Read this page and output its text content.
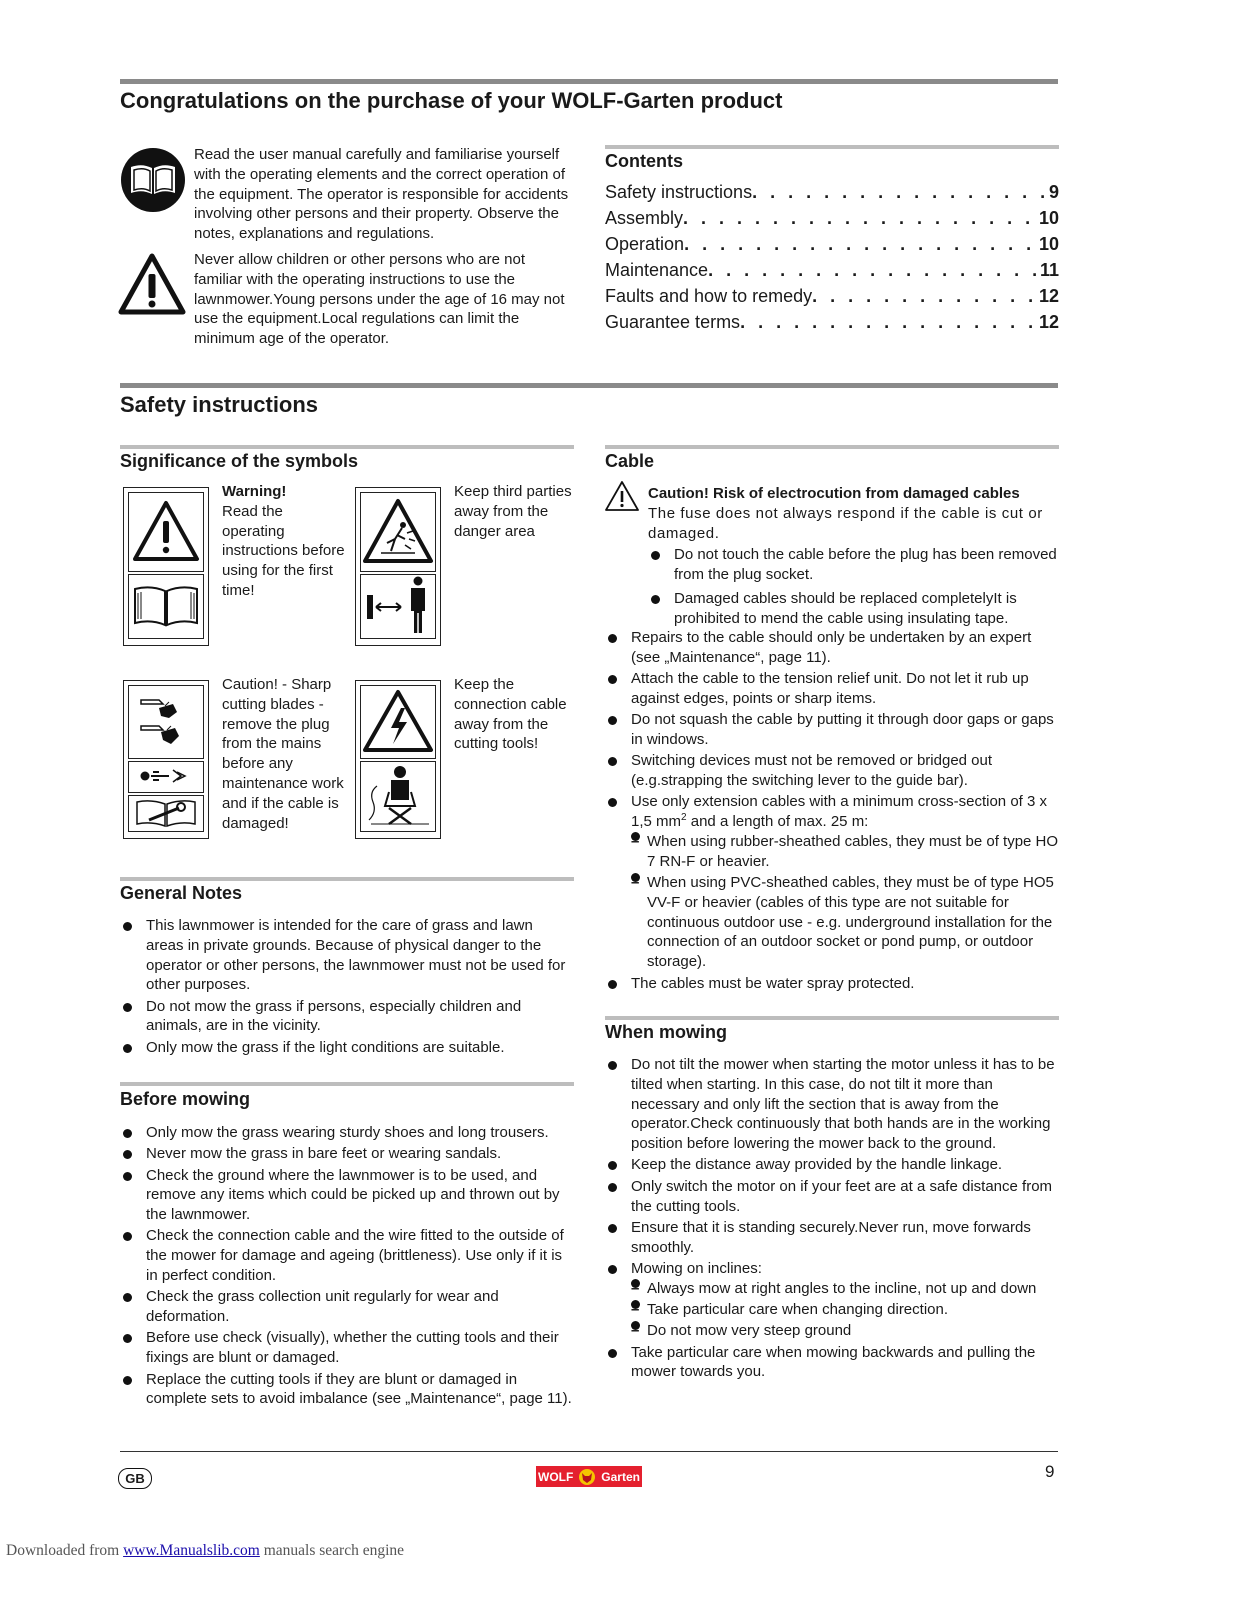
Congratulations on the purchase of your WOLF-Garten product
Read the user manual carefully and familiarise yourself with the operating elements and the correct operation of the equipment. The operator is responsible for accidents involving other persons and their property. Observe the notes, explanations and regulations.
Never allow children or other persons who are not familiar with the operating instructions to use the lawnmower.Young persons under the age of 16 may not use the equipment.Local regulations can limit the minimum age of the operator.
Contents
Safety instructions . . .	9
Assembly . . .	10
Operation . . .	10
Maintenance . . .	11
Faults and how to remedy . . .	12
Guarantee terms . . .	12
Safety instructions
Significance of the symbols
Warning!
Read the operating instructions before using for the first time!
Keep third parties away from the danger area
Caution! - Sharp cutting blades - remove the plug from the mains before any maintenance work and if the cable is damaged!
Keep the connection cable away from the cutting tools!
General Notes
This lawnmower is intended for the care of grass and lawn areas in private grounds. Because of physical danger to the operator or other persons, the lawnmower must not be used for other purposes.
Do not mow the grass if persons, especially children and animals, are in the vicinity.
Only mow the grass if the light conditions are suitable.
Before mowing
Only mow the grass wearing sturdy shoes and long trousers.
Never mow the grass in bare feet or wearing sandals.
Check the ground where the lawnmower is to be used, and remove any items which could be picked up and thrown out by the lawnmower.
Check the connection cable and the wire fitted to the outside of the mower for damage and ageing (brittleness). Use only if it is in perfect condition.
Check the grass collection unit regularly for wear and deformation.
Before use check (visually), whether the cutting tools and their fixings are blunt or damaged.
Replace the cutting tools if they are blunt or damaged in complete sets to avoid imbalance (see „Maintenance“, page 11).
Cable
Caution! Risk of electrocution from damaged cables
The fuse does not always respond if the cable is cut or damaged.
Do not touch the cable before the plug has been removed from the plug socket.
Damaged cables should be replaced completelyIt is prohibited to mend the cable using insulating tape.
Repairs to the cable should only be undertaken by an expert (see „Maintenance“, page 11).
Attach the cable to the tension relief unit. Do not let it rub up against edges, points or sharp items.
Do not squash the cable by putting it through door gaps or gaps in windows.
Switching devices must not be removed or bridged out (e.g.strapping the switching lever to the guide bar).
Use only extension cables with a minimum cross-section of 3 x 1,5 $mm^2$ and a length of max. 25 m:
– When using rubber-sheathed cables, they must be of type HO 7 RN-F or heavier.
– When using PVC-sheathed cables, they must be of type HO5 VV-F or heavier (cables of this type are not suitable for continuous outdoor use - e.g. underground installation for the connection of an outdoor socket or pond pump, or outdoor storage).
The cables must be water spray protected.
When mowing
Do not tilt the mower when starting the motor unless it has to be tilted when starting. In this case, do not tilt it more than necessary and only lift the section that is away from the operator.Check continuously that both hands are in the working position before lowering the mower back to the ground.
Keep the distance away provided by the handle linkage.
Only switch the motor on if your feet are at a safe distance from the cutting tools.
Ensure that it is standing securely.Never run, move forwards smoothly.
Mowing on inclines:
– Always mow at right angles to the incline, not up and down
– Take particular care when changing direction.
– Do not mow very steep ground
Take particular care when mowing backwards and pulling the mower towards you.
GB	WOLF Garten	9
Downloaded from www.Manualslib.com manuals search engine
